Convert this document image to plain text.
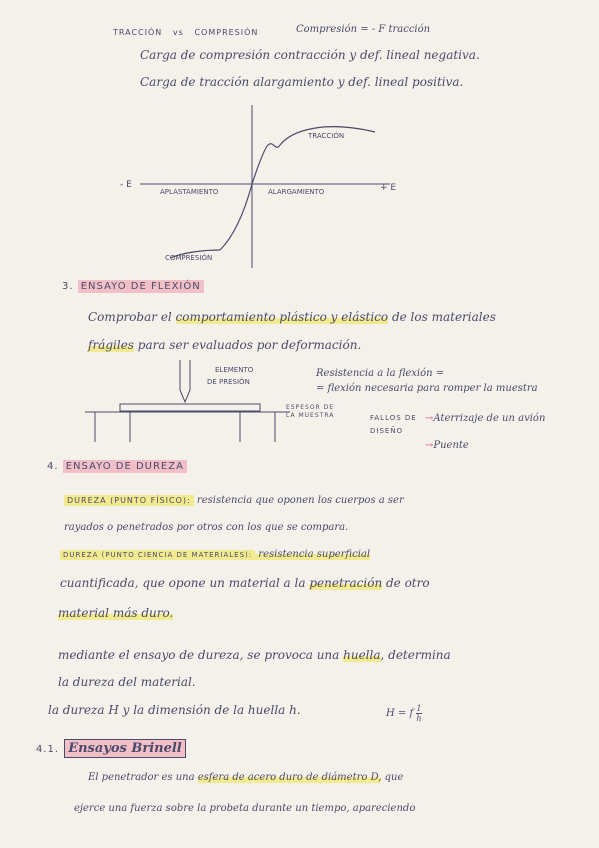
TRACCIÓN vs COMPRESIÓN	Compresión = - F tracción
Carga de compresión contracción y def. lineal negativa.
Carga de tracción alargamiento y def. lineal positiva.
- E	+ E
TRACCIÓN
COMPRESIÓN
APLASTAMIENTO	ALARGAMIENTO
3. ENSAYO DE FLEXIÓN
Comprobar el comportamiento plástico y elástico de los materiales
frágiles para ser evaluados por deformación.
ELEMENTO
DE PRESIÓN
ESPESOR DE
LA MUESTRA
Resistencia a la flexión =
= flexión necesaria para romper la muestra
FALLOS DE
DISEÑO
→Aterrizaje de un avión
→Puente
4. ENSAYO DE DUREZA
DUREZA (PUNTO FÍSICO): resistencia que oponen los cuerpos a ser
rayados o penetrados por otros con los que se compara.
DUREZA (PUNTO CIENCIA DE MATERIALES): resistencia superficial
cuantificada, que opone un material a la penetración de otro
material más duro.
mediante el ensayo de dureza, se provoca una huella, determina
la dureza del material.
la dureza H y la dimensión de la huella h.	H = f $\frac{1}{h}$
4.1. Ensayos Brinell
El penetrador es una esfera de acero duro de diámetro D, que
ejerce una fuerza sobre la probeta durante un tiempo, apareciendo
